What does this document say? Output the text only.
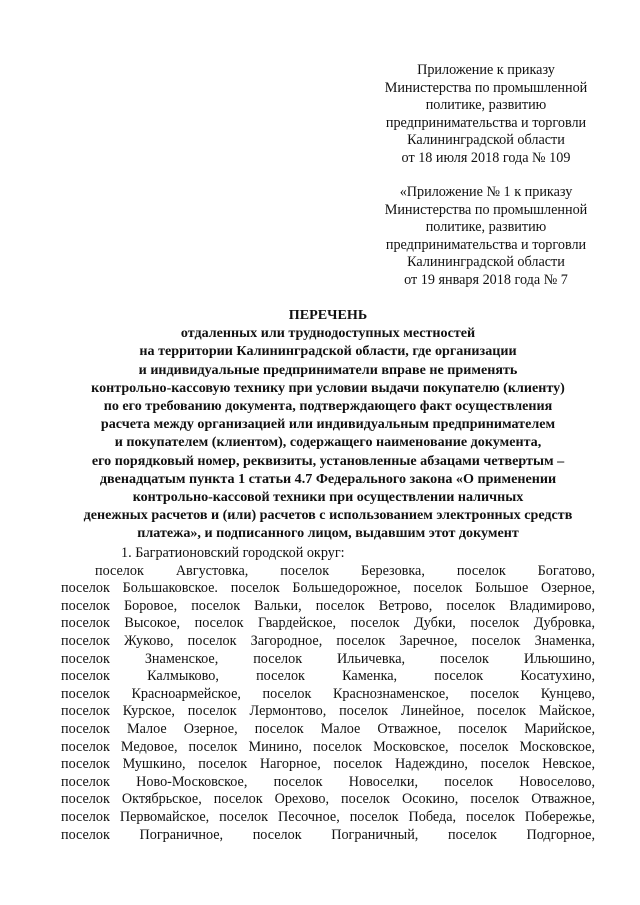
Приложение к приказу
Министерства по промышленной
политике, развитию
предпринимательства и торговли
Калининградской области
от 18 июля 2018 года № 109
«Приложение № 1 к приказу
Министерства по промышленной
политике, развитию
предпринимательства и торговли
Калининградской области
от 19 января 2018 года № 7
ПЕРЕЧЕНЬ
отдаленных или труднодоступных местностей
на территории Калининградской области, где организации
и индивидуальные предприниматели вправе не применять
контрольно-кассовую технику при условии выдачи покупателю (клиенту)
по его требованию документа, подтверждающего факт осуществления
расчета между организацией или индивидуальным предпринимателем
и покупателем (клиентом), содержащего наименование документа,
его порядковый номер, реквизиты, установленные абзацами четвертым –
двенадцатым пункта 1 статьи 4.7 Федерального закона «О применении
контрольно-кассовой техники при осуществлении наличных
денежных расчетов и (или) расчетов с использованием электронных средств
платежа», и подписанного лицом, выдавшим этот документ
1. Багратионовский городской округ:
поселок Августовка, поселок Березовка, поселок Богатово,
поселок Большаковское. поселок Большедорожное, поселок Большое Озерное,
поселок Боровое, поселок Вальки, поселок Ветрово, поселок Владимирово,
поселок Высокое, поселок Гвардейское, поселок Дубки, поселок Дубровка,
поселок Жуково, поселок Загородное, поселок Заречное, поселок Знаменка,
поселок Знаменское, поселок Ильичевка, поселок Ильюшино,
поселок Калмыково, поселок Каменка, поселок Косатухино,
поселок Красноармейское, поселок Краснознаменское, поселок Кунцево,
поселок Курское, поселок Лермонтово, поселок Линейное, поселок Майское,
поселок Малое Озерное, поселок Малое Отважное, поселок Марийское,
поселок Медовое, поселок Минино, поселок Московское, поселок Московское,
поселок Мушкино, поселок Нагорное, поселок Надеждино, поселок Невское,
поселок Ново-Московское, поселок Новоселки, поселок Новоселово,
поселок Октябрьское, поселок Орехово, поселок Осокино, поселок Отважное,
поселок Первомайское, поселок Песочное, поселок Победа, поселок Побережье,
поселок Пограничное, поселок Пограничный, поселок Подгорное,
